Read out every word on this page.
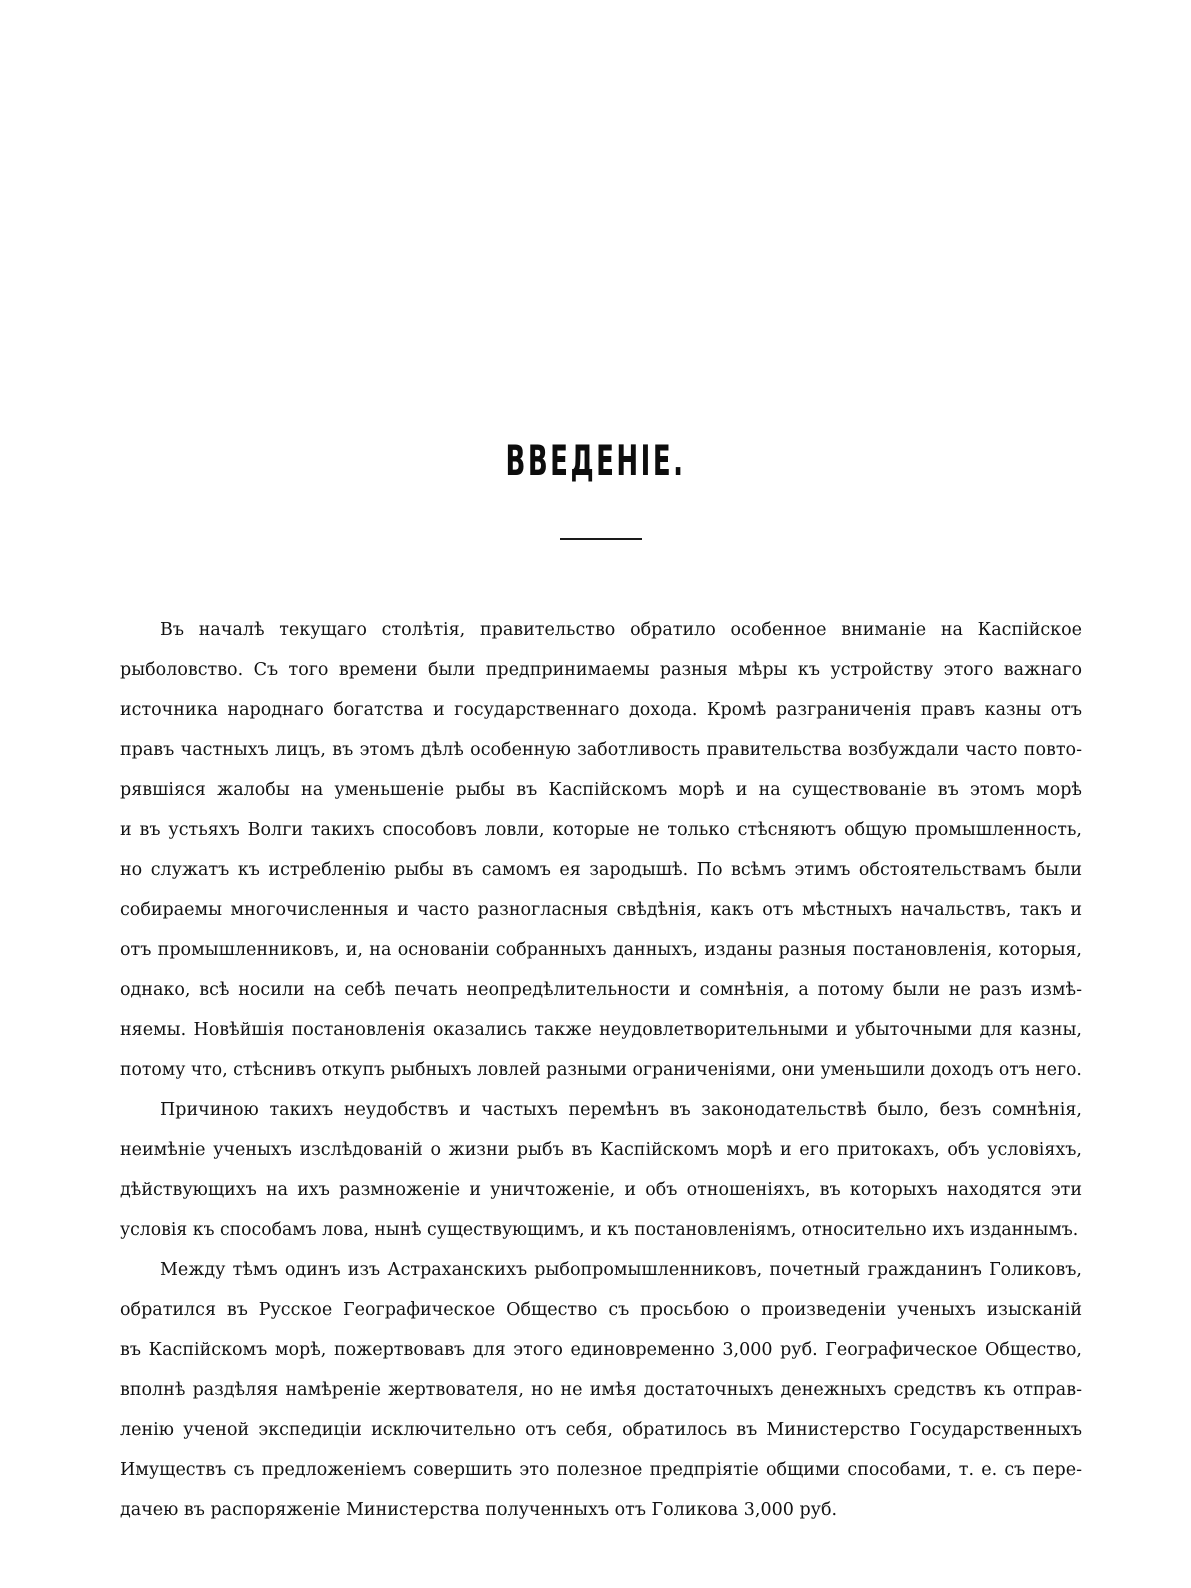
ВВЕДЕНIЕ.
Въ началѣ текущаго столѣтія, правительство обратило особенное вниманіе на Каспійское
рыболовство. Съ того времени были предпринимаемы разныя мѣры къ устройству этого важнаго
источника народнаго богатства и государственнаго дохода. Кромѣ разграниченія правъ казны отъ
правъ частныхъ лицъ, въ этомъ дѣлѣ особенную заботливость правительства возбуждали часто повто-
рявшіяся жалобы на уменьшеніе рыбы въ Каспійскомъ морѣ и на существованіе въ этомъ морѣ
и въ устьяхъ Волги такихъ способовъ ловли, которые не только стѣсняютъ общую промышленность,
но служатъ къ истребленію рыбы въ самомъ ея зародышѣ. По всѣмъ этимъ обстоятельствамъ были
собираемы многочисленныя и часто разногласныя свѣдѣнія, какъ отъ мѣстныхъ начальствъ, такъ и
отъ промышленниковъ, и, на основаніи собранныхъ данныхъ, изданы разныя постановленія, которыя,
однако, всѣ носили на себѣ печать неопредѣлительности и сомнѣнія, а потому были не разъ измѣ-
няемы. Новѣйшія постановленія оказались также неудовлетворительными и убыточными для казны,
потому что, стѣснивъ откупъ рыбныхъ ловлей разными ограниченіями, они уменьшили доходъ отъ него.
Причиною такихъ неудобствъ и частыхъ перемѣнъ въ законодательствѣ было, безъ сомнѣнія,
неимѣніе ученыхъ изслѣдованій о жизни рыбъ въ Каспійскомъ морѣ и его притокахъ, объ условіяхъ,
дѣйствующихъ на ихъ размноженіе и уничтоженіе, и объ отношеніяхъ, въ которыхъ находятся эти
условія къ способамъ лова, нынѣ существующимъ, и къ постановленіямъ, относительно ихъ изданнымъ.
Между тѣмъ одинъ изъ Астраханскихъ рыбопромышленниковъ, почетный гражданинъ Голиковъ,
обратился въ Русское Географическое Общество съ просьбою о произведеніи ученыхъ изысканій
въ Каспійскомъ морѣ, пожертвовавъ для этого единовременно 3,000 руб. Географическое Общество,
вполнѣ раздѣляя намѣреніе жертвователя, но не имѣя достаточныхъ денежныхъ средствъ къ отправ-
ленію ученой экспедиціи исключительно отъ себя, обратилось въ Министерство Государственныхъ
Имуществъ съ предложеніемъ совершить это полезное предпріятіе общими способами, т. е. съ пере-
дачею въ распоряженіе Министерства полученныхъ отъ Голикова 3,000 руб.
